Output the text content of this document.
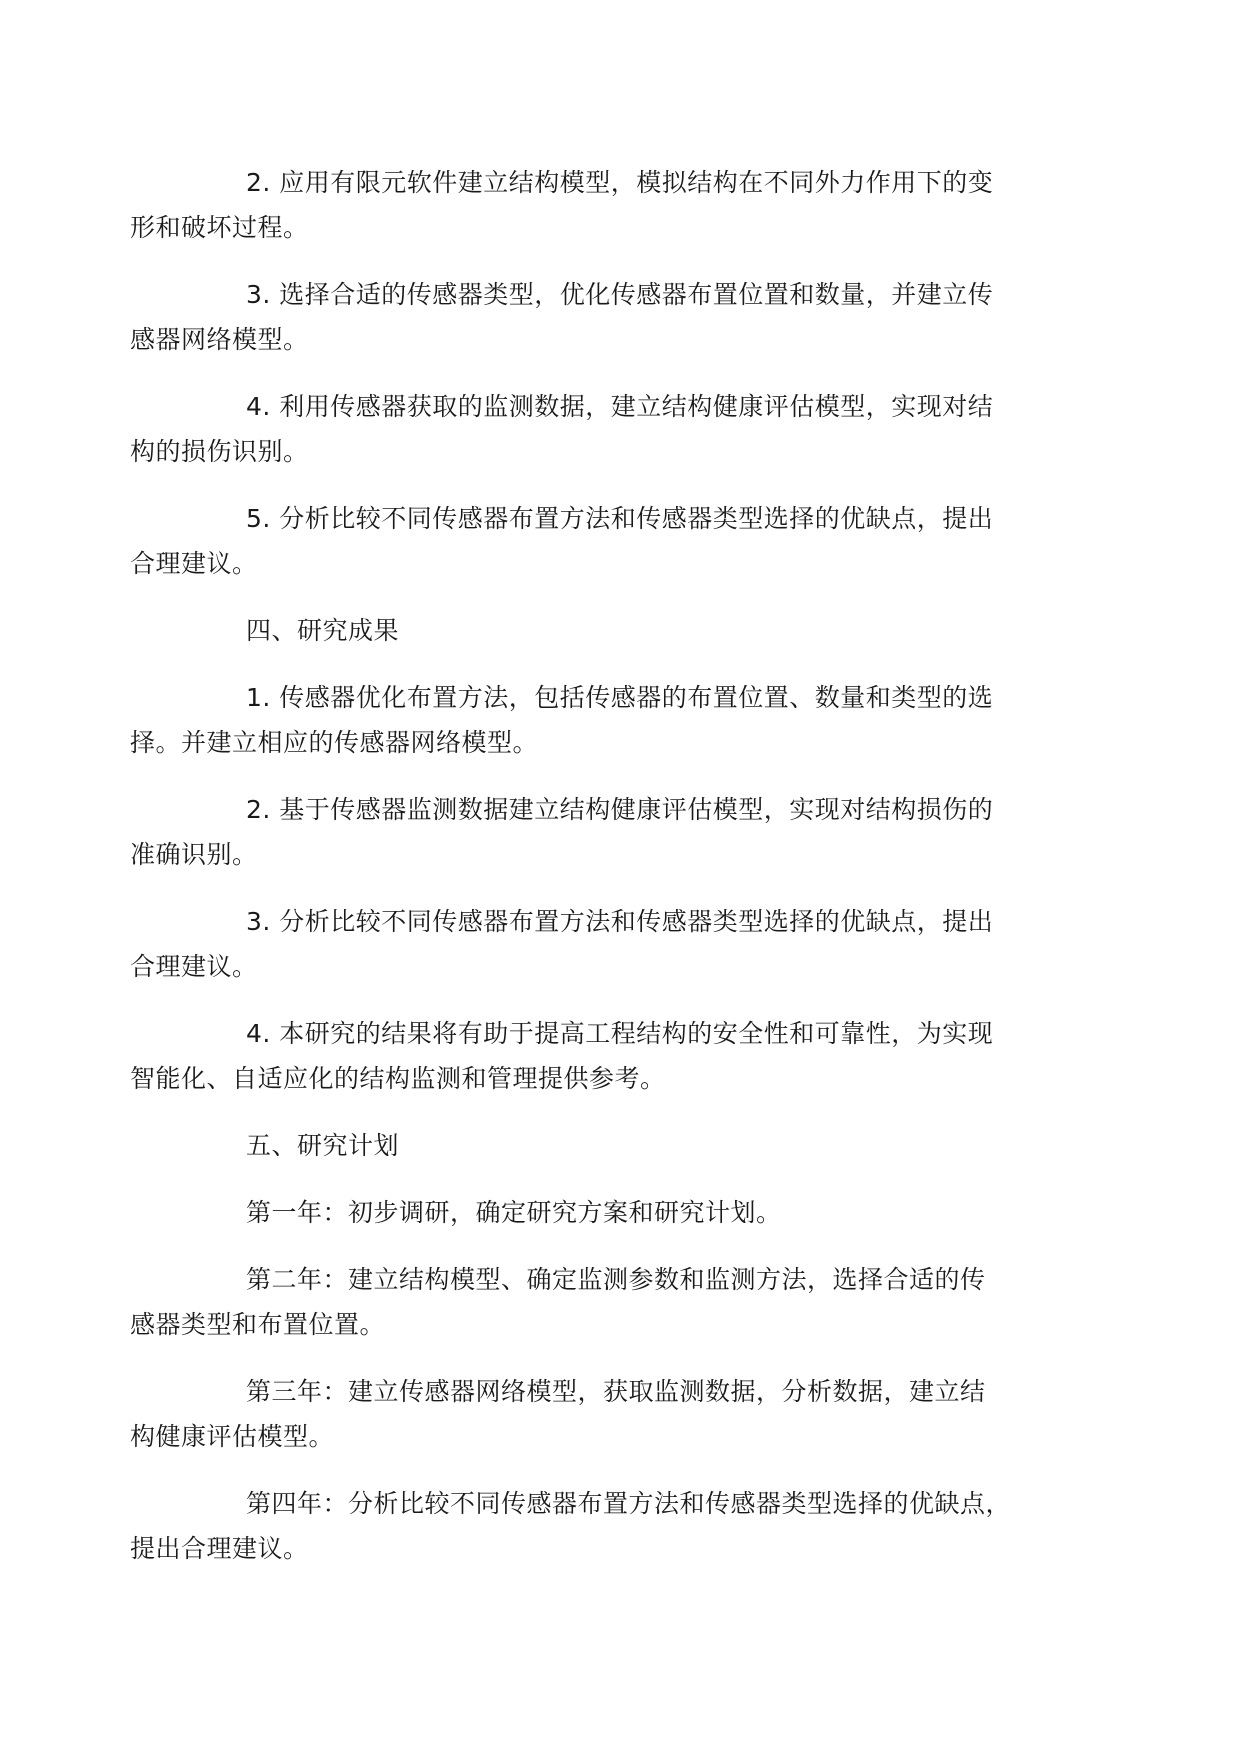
2. 应用有限元软件建立结构模型，模拟结构在不同外力作用下的变
形和破坏过程。

3. 选择合适的传感器类型，优化传感器布置位置和数量，并建立传
感器网络模型。

4. 利用传感器获取的监测数据，建立结构健康评估模型，实现对结
构的损伤识别。

5. 分析比较不同传感器布置方法和传感器类型选择的优缺点，提出
合理建议。

四、研究成果

1. 传感器优化布置方法，包括传感器的布置位置、数量和类型的选
择。并建立相应的传感器网络模型。

2. 基于传感器监测数据建立结构健康评估模型，实现对结构损伤的
准确识别。

3. 分析比较不同传感器布置方法和传感器类型选择的优缺点，提出
合理建议。

4. 本研究的结果将有助于提高工程结构的安全性和可靠性，为实现
智能化、自适应化的结构监测和管理提供参考。

五、研究计划

第一年：初步调研，确定研究方案和研究计划。

第二年：建立结构模型、确定监测参数和监测方法，选择合适的传
感器类型和布置位置。

第三年：建立传感器网络模型，获取监测数据，分析数据，建立结
构健康评估模型。

第四年：分析比较不同传感器布置方法和传感器类型选择的优缺点，
提出合理建议。
